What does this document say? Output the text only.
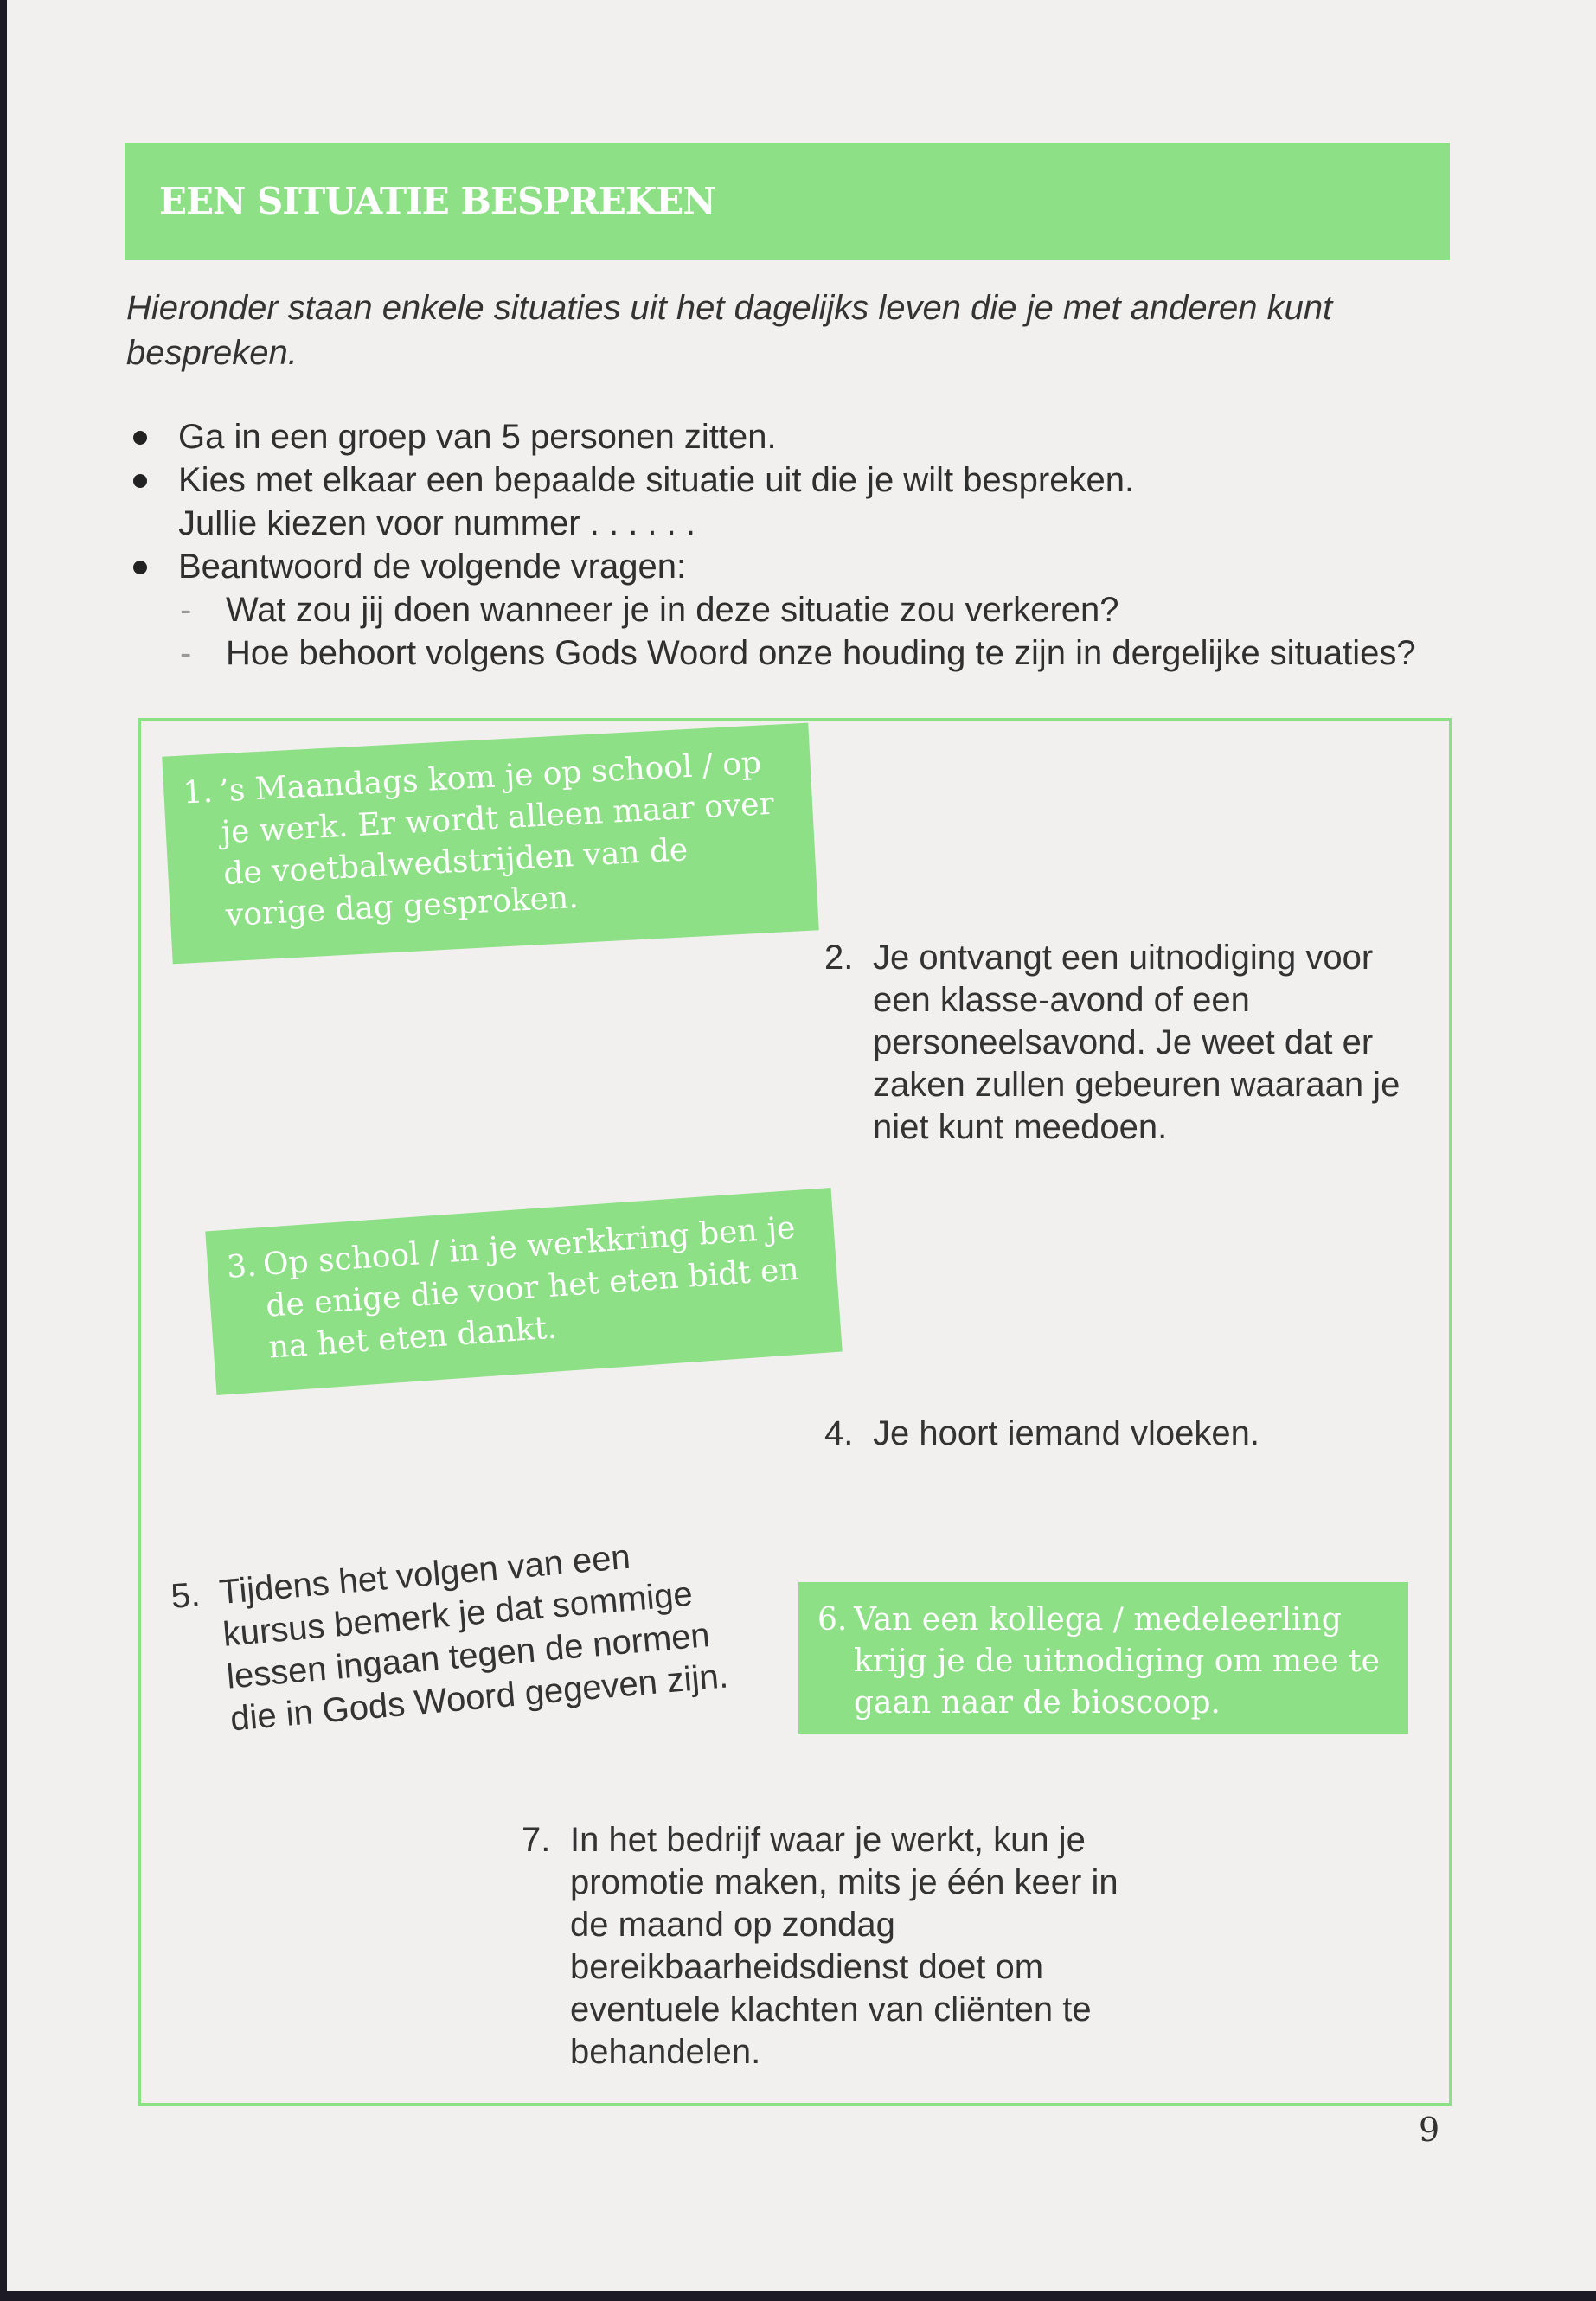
EEN SITUATIE BESPREKEN
Hieronder staan enkele situaties uit het dagelijks leven die je met anderen kunt bespreken.
Ga in een groep van 5 personen zitten.
Kies met elkaar een bepaalde situatie uit die je wilt bespreken.
Jullie kiezen voor nummer . . . . . .
Beantwoord de volgende vragen:
- Wat zou jij doen wanneer je in deze situatie zou verkeren?
- Hoe behoort volgens Gods Woord onze houding te zijn in dergelijke situaties?
1. ’s Maandags kom je op school / op je werk. Er wordt alleen maar over de voetbalwedstrijden van de vorige dag gesproken.
2. Je ontvangt een uitnodiging voor een klasse-avond of een personeelsavond. Je weet dat er zaken zullen gebeuren waaraan je niet kunt meedoen.
3. Op school / in je werkkring ben je de enige die voor het eten bidt en na het eten dankt.
4. Je hoort iemand vloeken.
5. Tijdens het volgen van een kursus bemerk je dat sommige lessen ingaan tegen de normen die in Gods Woord gegeven zijn.
6. Van een kollega / medeleerling krijg je de uitnodiging om mee te gaan naar de bioscoop.
7. In het bedrijf waar je werkt, kun je promotie maken, mits je één keer in de maand op zondag bereikbaarheidsdienst doet om eventuele klachten van cliënten te behandelen.
9
